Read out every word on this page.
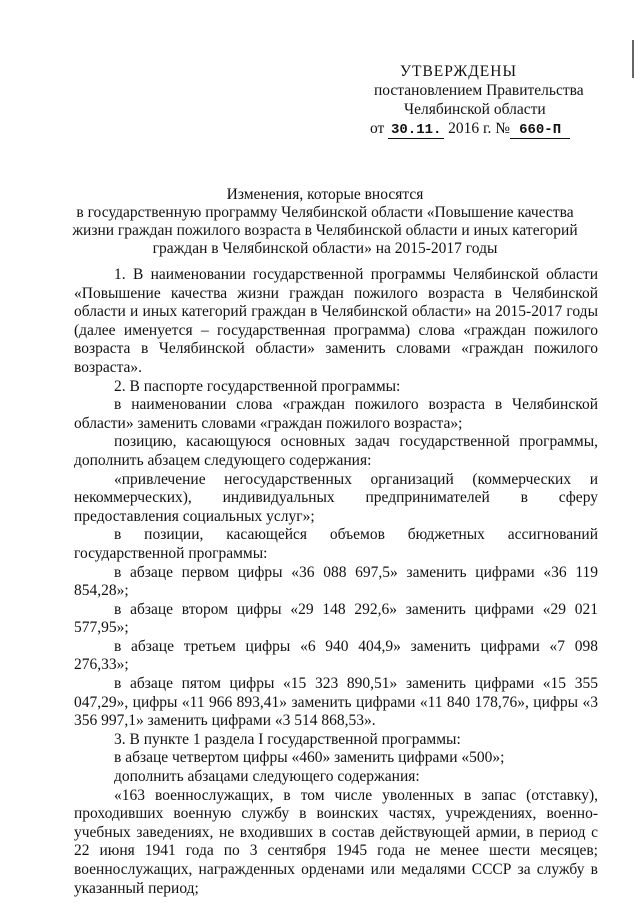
УТВЕРЖДЕНЫ
постановлением Правительства
Челябинской области
от 30.11. 2016 г. № 660-П
Изменения, которые вносятся
в государственную программу Челябинской области «Повышение качества
жизни граждан пожилого возраста в Челябинской области и иных категорий
граждан в Челябинской области» на 2015-2017 годы

1. В наименовании государственной программы Челябинской области «Повышение качества жизни граждан пожилого возраста в Челябинской области и иных категорий граждан в Челябинской области» на 2015-2017 годы (далее именуется – государственная программа) слова «граждан пожилого возраста в Челябинской области» заменить словами «граждан пожилого возраста».

2. В паспорте государственной программы:

в наименовании слова «граждан пожилого возраста в Челябинской области» заменить словами «граждан пожилого возраста»;

позицию, касающуюся основных задач государственной программы, дополнить абзацем следующего содержания:

«привлечение негосударственных организаций (коммерческих и некоммерческих), индивидуальных предпринимателей в сферу предоставления социальных услуг»;

в позиции, касающейся объемов бюджетных ассигнований государственной программы:

в абзаце первом цифры «36 088 697,5» заменить цифрами «36 119 854,28»;

в абзаце втором цифры «29 148 292,6» заменить цифрами «29 021 577,95»;

в абзаце третьем цифры «6 940 404,9» заменить цифрами «7 098 276,33»;

в абзаце пятом цифры «15 323 890,51» заменить цифрами «15 355 047,29», цифры «11 966 893,41» заменить цифрами «11 840 178,76», цифры «3 356 997,1» заменить цифрами «3 514 868,53».

3. В пункте 1 раздела I государственной программы:

в абзаце четвертом цифры «460» заменить цифрами «500»;

дополнить абзацами следующего содержания:

«163 военнослужащих, в том числе уволенных в запас (отставку), проходивших военную службу в воинских частях, учреждениях, военно-учебных заведениях, не входивших в состав действующей армии, в период с 22 июня 1941 года по 3 сентября 1945 года не менее шести месяцев; военнослужащих, награжденных орденами или медалями СССР за службу в указанный период;
